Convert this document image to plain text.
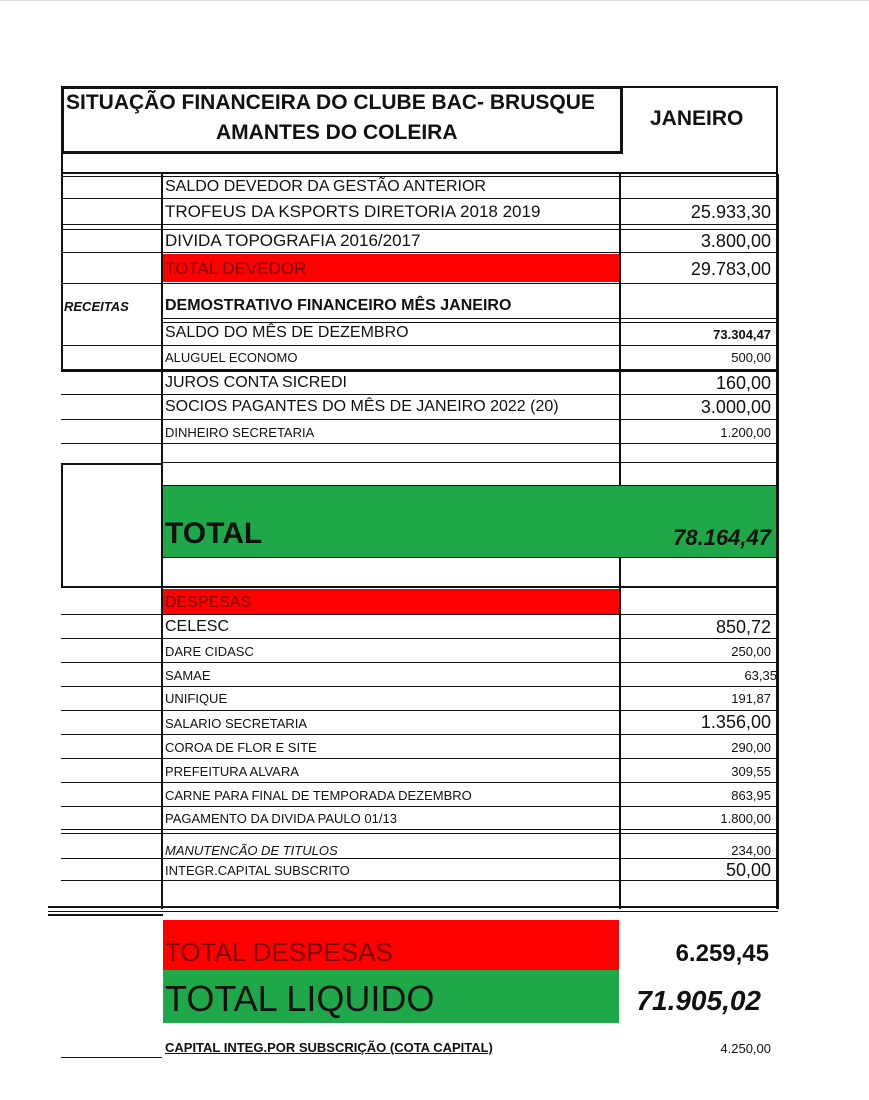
SITUAÇÃO FINANCEIRA DO CLUBE BAC- BRUSQUE
AMANTES DO COLEIRA
JANEIRO
SALDO DEVEDOR DA GESTÃO ANTERIOR
TROFEUS DA KSPORTS DIRETORIA 2018 2019	25.933,30
DIVIDA TOPOGRAFIA 2016/2017	3.800,00
TOTAL DEVEDOR	29.783,00
RECEITAS DEMOSTRATIVO FINANCEIRO MÊS JANEIRO
SALDO DO MÊS DE DEZEMBRO	73.304,47
ALUGUEL ECONOMO	500,00
JUROS CONTA SICREDI	160,00
SOCIOS PAGANTES DO MÊS DE JANEIRO 2022 (20)	3.000,00
DINHEIRO SECRETARIA	1.200,00
TOTAL	78.164,47
DESPESAS
CELESC	850,72
DARE CIDASC	250,00
SAMAE	63,35
UNIFIQUE	191,87
SALARIO SECRETARIA	1.356,00
COROA DE FLOR E SITE	290,00
PREFEITURA ALVARA	309,55
CARNE PARA FINAL DE TEMPORADA DEZEMBRO	863,95
PAGAMENTO DA DIVIDA PAULO 01/13	1.800,00
MANUTENCÃO DE TITULOS	234,00
INTEGR.CAPITAL SUBSCRITO	50,00
TOTAL DESPESAS	6.259,45
TOTAL LIQUIDO	71.905,02
CAPITAL INTEG.POR SUBSCRIÇÃO (COTA CAPITAL)	4.250,00
